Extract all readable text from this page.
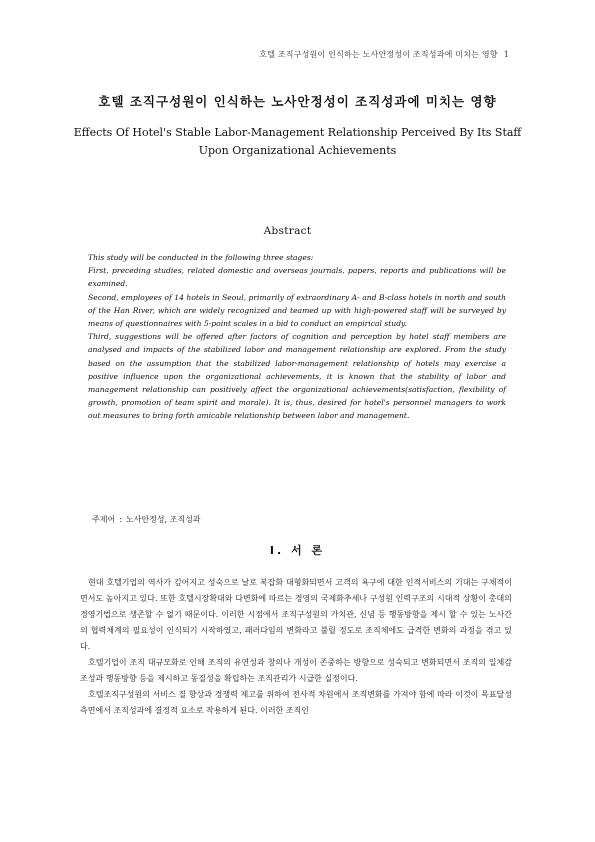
호텔 조직구성원이 인식하는 노사안정성이 조직성과에 미치는 영향 1
호텔 조직구성원이 인식하는 노사안정성이 조직성과에 미치는 영향
Effects Of Hotel's Stable Labor-Management Relationship Perceived By Its Staff
Upon Organizational Achievements
Abstract

This study will be conducted in the following three stages:

First, preceding studies, related domestic and overseas journals, papers, reports and publications will be examined.

Second, employees of 14 hotels in Seoul, primarily of extraordinary A- and B-class hotels in north and south of the Han River, which are widely recognized and teamed up with high-powered staff will be surveyed by means of questionnaires with 5-point scales in a bid to conduct an empirical study.

Third, suggestions will be offered after factors of cognition and perception by hotel staff members are analysed and impacts of the stabilized labor and management relationship are explored. From the study based on the assumption that the stabilized labor-management relationship of hotels may exercise a positive influence upon the organizational achievements, it is known that the stability of labor and management relationship can positively affect the organizational achievements(satisfaction, flexibility of growth, promotion of team spirit and morale). It is, thus, desired for hotel's personnel managers to work out measures to bring forth amicable relationship between labor and management.

주제어 : 노사안정성, 조직성과
Ⅰ. 서 론

현대 호텔기업의 역사가 깊어지고 성숙으로 날로 복잡화 대형화되면서 고객의 욕구에 대한 인적서비스의 기대는 구체적이면서도 높아지고 있다. 또한 호텔시장확대와 다변화에 따르는 경영의 국제화추세나 구성원 인력구조의 시대적 상황이 총대의 경영기법으로 생존할 수 없기 때문이다. 이러한 시점에서 조직구성원의 가치관, 신념 등 행동방향을 제시 할 수 있는 노사간의 협력체계의 필요성이 인식되기 시작하였고, 패러다임의 변화라고 불릴 정도로 조직체에도 급격한 변화의 과정을 겪고 있다.

호텔기업이 조직 대규모화로 인해 조직의 유연성과 창의나 개성이 존중하는 방향으로 성숙되고 변화되면서 조직의 일체감 조성과 행동방향 등을 제시하고 동질성을 확립하는 조직관리가 시급한 실정이다.

호텔조직구성원의 서비스 질 향상과 경쟁력 제고를 위하여 전사적 차원에서 조직변화를 가져야 함에 따라 이것이 목표달성측면에서 조직성과에 결정적 요소로 작용하게 된다. 이러한 조직인
